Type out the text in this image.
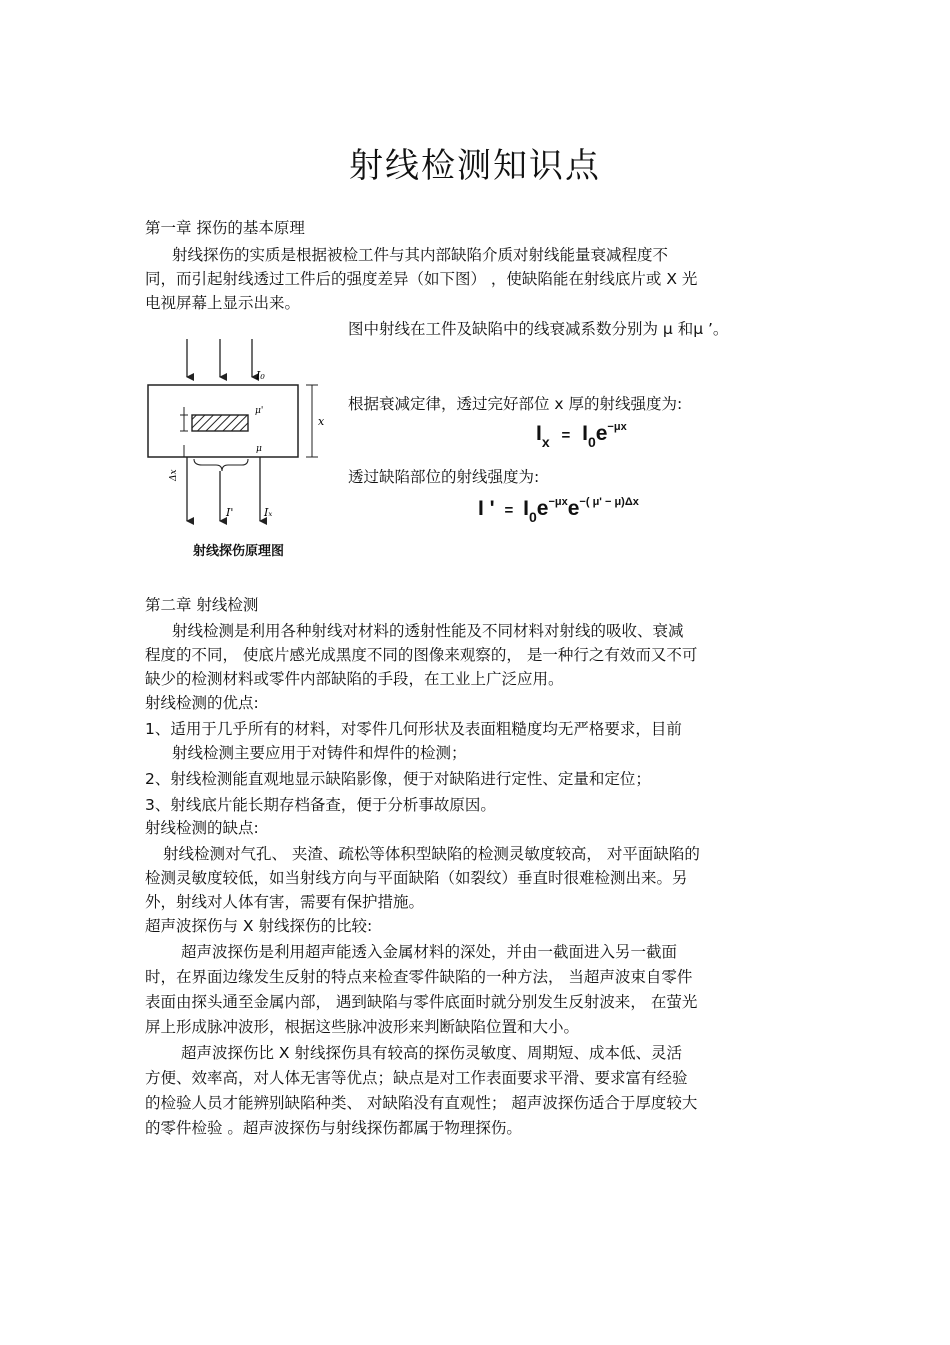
射线检测知识点
第一章 探伤的基本原理
射线探伤的实质是根据被检工件与其内部缺陷介质对射线能量衰减程度不
同，而引起射线透过工件后的强度差异（如下图） ，使缺陷能在射线底片或 X 光
电视屏幕上显示出来。
图中射线在工件及缺陷中的线衰减系数分别为 μ 和μ ’。
根据衰减定律，透过完好部位 x 厚的射线强度为:
$I_x = I_0e^{-\mu x}$
透过缺陷部位的射线强度为:
I ' = $I_0e^{-\mu x}e^{-( \mu' - \mu)\Delta x}$
I₀
μ'
μ
x
Δx
I'	Iₓ
射线探伤原理图
第二章 射线检测
射线检测是利用各种射线对材料的透射性能及不同材料对射线的吸收、衰减
程度的不同， 使底片感光成黑度不同的图像来观察的， 是一种行之有效而又不可
缺少的检测材料或零件内部缺陷的手段，在工业上广泛应用。
射线检测的优点:
1、适用于几乎所有的材料，对零件几何形状及表面粗糙度均无严格要求，目前
射线检测主要应用于对铸件和焊件的检测；
2、射线检测能直观地显示缺陷影像，便于对缺陷进行定性、定量和定位；
3、射线底片能长期存档备查，便于分析事故原因。
射线检测的缺点:
射线检测对气孔、 夹渣、疏松等体积型缺陷的检测灵敏度较高， 对平面缺陷的
检测灵敏度较低，如当射线方向与平面缺陷（如裂纹）垂直时很难检测出来。另
外，射线对人体有害，需要有保护措施。
超声波探伤与 X 射线探伤的比较:
超声波探伤是利用超声能透入金属材料的深处，并由一截面进入另一截面
时，在界面边缘发生反射的特点来检查零件缺陷的一种方法， 当超声波束自零件
表面由探头通至金属内部， 遇到缺陷与零件底面时就分别发生反射波来， 在萤光
屏上形成脉冲波形，根据这些脉冲波形来判断缺陷位置和大小。
超声波探伤比 X 射线探伤具有较高的探伤灵敏度、周期短、成本低、灵活
方便、效率高，对人体无害等优点；缺点是对工作表面要求平滑、要求富有经验
的检验人员才能辨别缺陷种类、 对缺陷没有直观性； 超声波探伤适合于厚度较大
的零件检验 。超声波探伤与射线探伤都属于物理探伤。
